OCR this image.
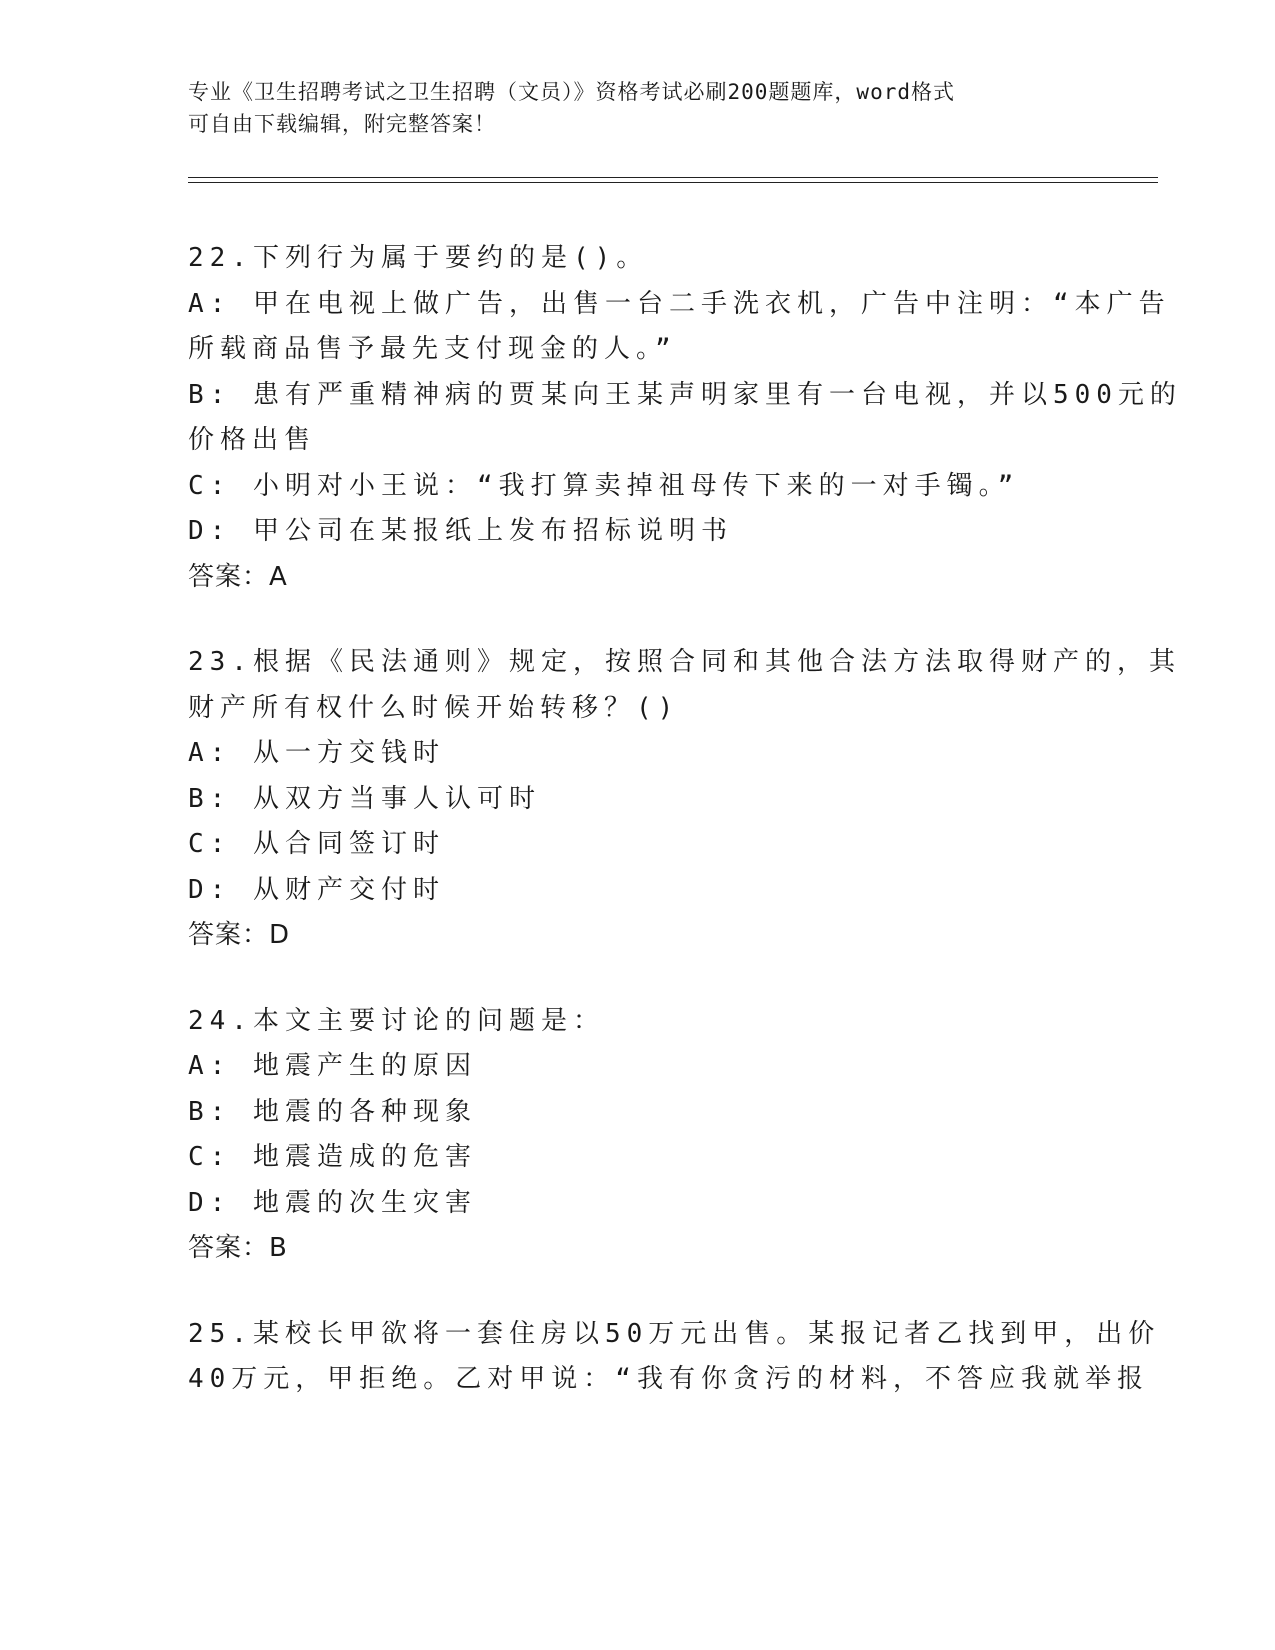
专业《卫生招聘考试之卫生招聘（文员）》资格考试必刷200题题库，word格式
可自由下载编辑，附完整答案！
22.下列行为属于要约的是()。
A: 甲在电视上做广告，出售一台二手洗衣机，广告中注明：“本广告
所载商品售予最先支付现金的人。”
B: 患有严重精神病的贾某向王某声明家里有一台电视，并以500元的
价格出售
C: 小明对小王说：“我打算卖掉祖母传下来的一对手镯。”
D: 甲公司在某报纸上发布招标说明书
答案：A
23.根据《民法通则》规定，按照合同和其他合法方法取得财产的，其
财产所有权什么时候开始转移？()
A: 从一方交钱时
B: 从双方当事人认可时
C: 从合同签订时
D: 从财产交付时
答案：D
24.本文主要讨论的问题是：
A: 地震产生的原因
B: 地震的各种现象
C: 地震造成的危害
D: 地震的次生灾害
答案：B
25.某校长甲欲将一套住房以50万元出售。某报记者乙找到甲，出价
40万元，甲拒绝。乙对甲说：“我有你贪污的材料，不答应我就举报
